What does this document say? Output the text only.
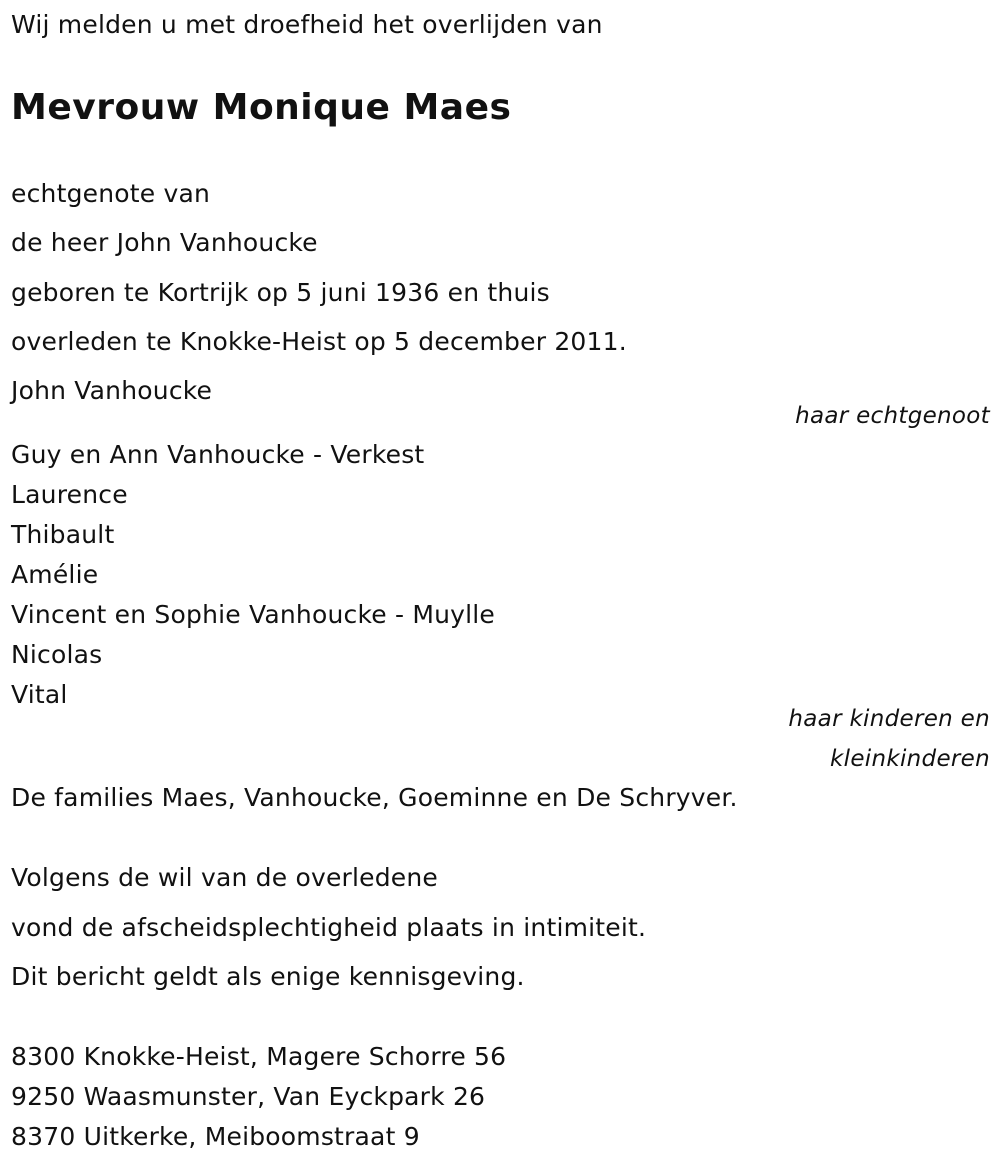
Wij melden u met droefheid het overlijden van
Mevrouw Monique Maes
echtgenote van
de heer John Vanhoucke
geboren te Kortrijk op 5 juni 1936 en thuis
overleden te Knokke-Heist op 5 december 2011.
John Vanhoucke
haar echtgenoot
Guy en Ann Vanhoucke - Verkest
Laurence
Thibault
Amélie
Vincent en Sophie Vanhoucke - Muylle
Nicolas
Vital
haar kinderen en
kleinkinderen
De families Maes, Vanhoucke, Goeminne en De Schryver.
Volgens de wil van de overledene
vond de afscheidsplechtigheid plaats in intimiteit.
Dit bericht geldt als enige kennisgeving.
8300 Knokke-Heist, Magere Schorre 56
9250 Waasmunster, Van Eyckpark 26
8370 Uitkerke, Meiboomstraat 9
